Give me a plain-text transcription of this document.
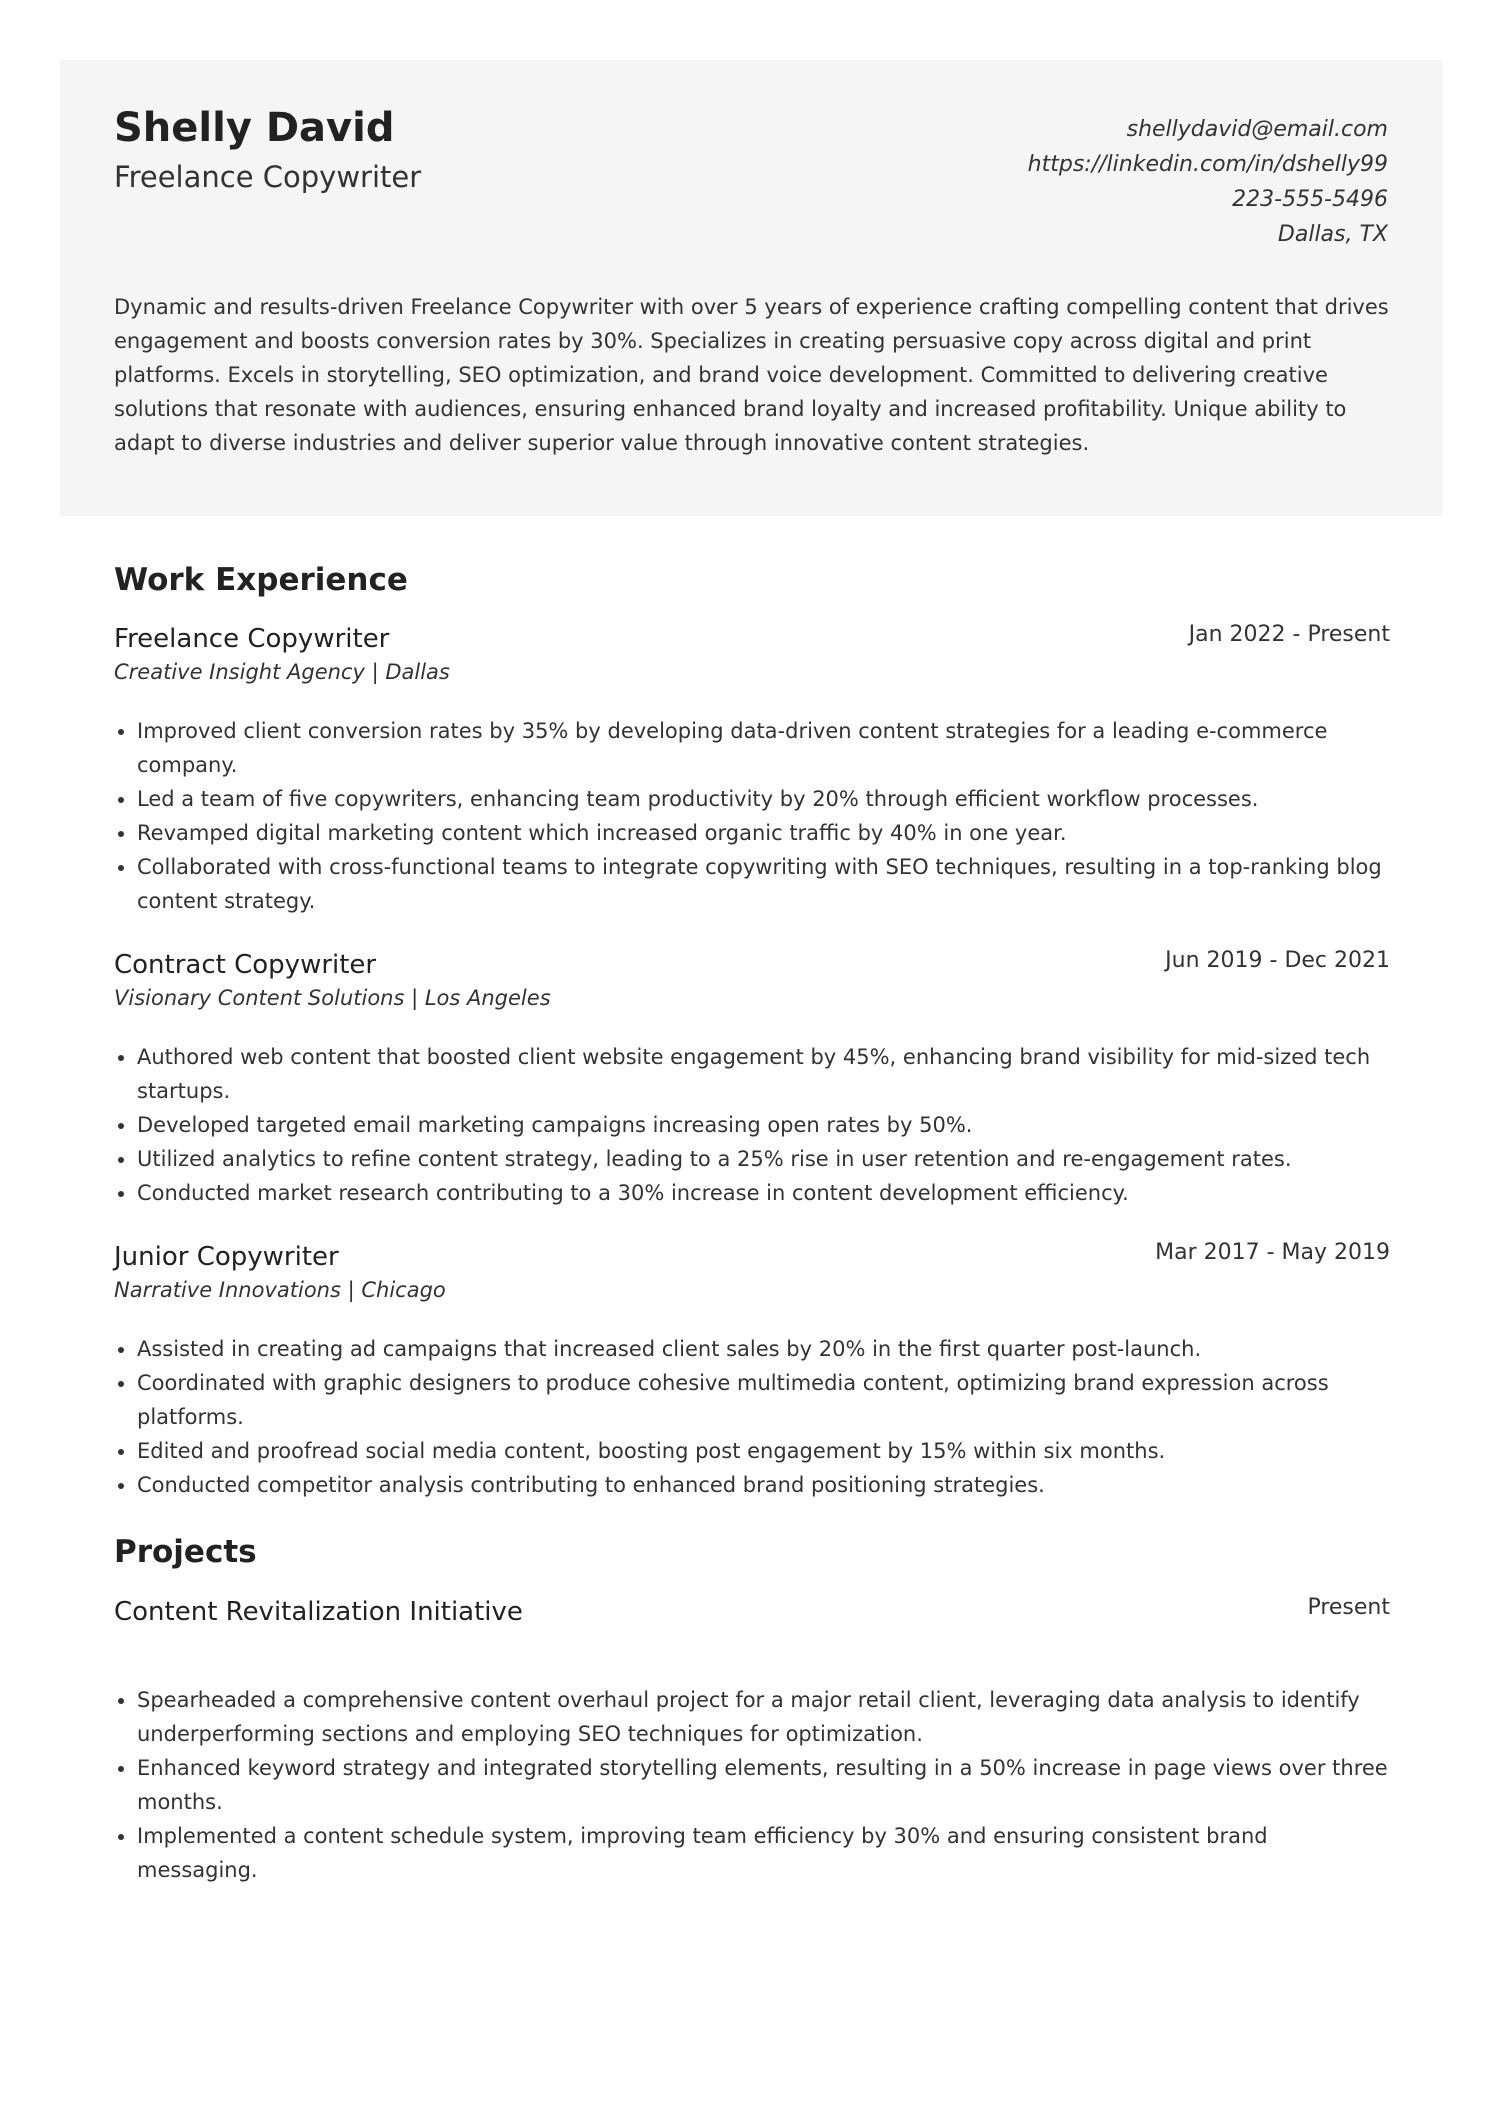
Shelly David
Freelance Copywriter
shellydavid@email.com
https://linkedin.com/in/dshelly99
223-555-5496
Dallas, TX
Dynamic and results-driven Freelance Copywriter with over 5 years of experience crafting compelling content that drives engagement and boosts conversion rates by 30%. Specializes in creating persuasive copy across digital and print platforms. Excels in storytelling, SEO optimization, and brand voice development. Committed to delivering creative solutions that resonate with audiences, ensuring enhanced brand loyalty and increased profitability. Unique ability to adapt to diverse industries and deliver superior value through innovative content strategies.
Work Experience
Freelance Copywriter	Jan 2022 - Present
Creative Insight Agency | Dallas
• Improved client conversion rates by 35% by developing data-driven content strategies for a leading e-commerce company.
• Led a team of five copywriters, enhancing team productivity by 20% through efficient workflow processes.
• Revamped digital marketing content which increased organic traffic by 40% in one year.
• Collaborated with cross-functional teams to integrate copywriting with SEO techniques, resulting in a top-ranking blog content strategy.
Contract Copywriter	Jun 2019 - Dec 2021
Visionary Content Solutions | Los Angeles
• Authored web content that boosted client website engagement by 45%, enhancing brand visibility for mid-sized tech startups.
• Developed targeted email marketing campaigns increasing open rates by 50%.
• Utilized analytics to refine content strategy, leading to a 25% rise in user retention and re-engagement rates.
• Conducted market research contributing to a 30% increase in content development efficiency.
Junior Copywriter	Mar 2017 - May 2019
Narrative Innovations | Chicago
• Assisted in creating ad campaigns that increased client sales by 20% in the first quarter post-launch.
• Coordinated with graphic designers to produce cohesive multimedia content, optimizing brand expression across platforms.
• Edited and proofread social media content, boosting post engagement by 15% within six months.
• Conducted competitor analysis contributing to enhanced brand positioning strategies.
Projects
Content Revitalization Initiative	Present
• Spearheaded a comprehensive content overhaul project for a major retail client, leveraging data analysis to identify underperforming sections and employing SEO techniques for optimization.
• Enhanced keyword strategy and integrated storytelling elements, resulting in a 50% increase in page views over three months.
• Implemented a content schedule system, improving team efficiency by 30% and ensuring consistent brand messaging.
